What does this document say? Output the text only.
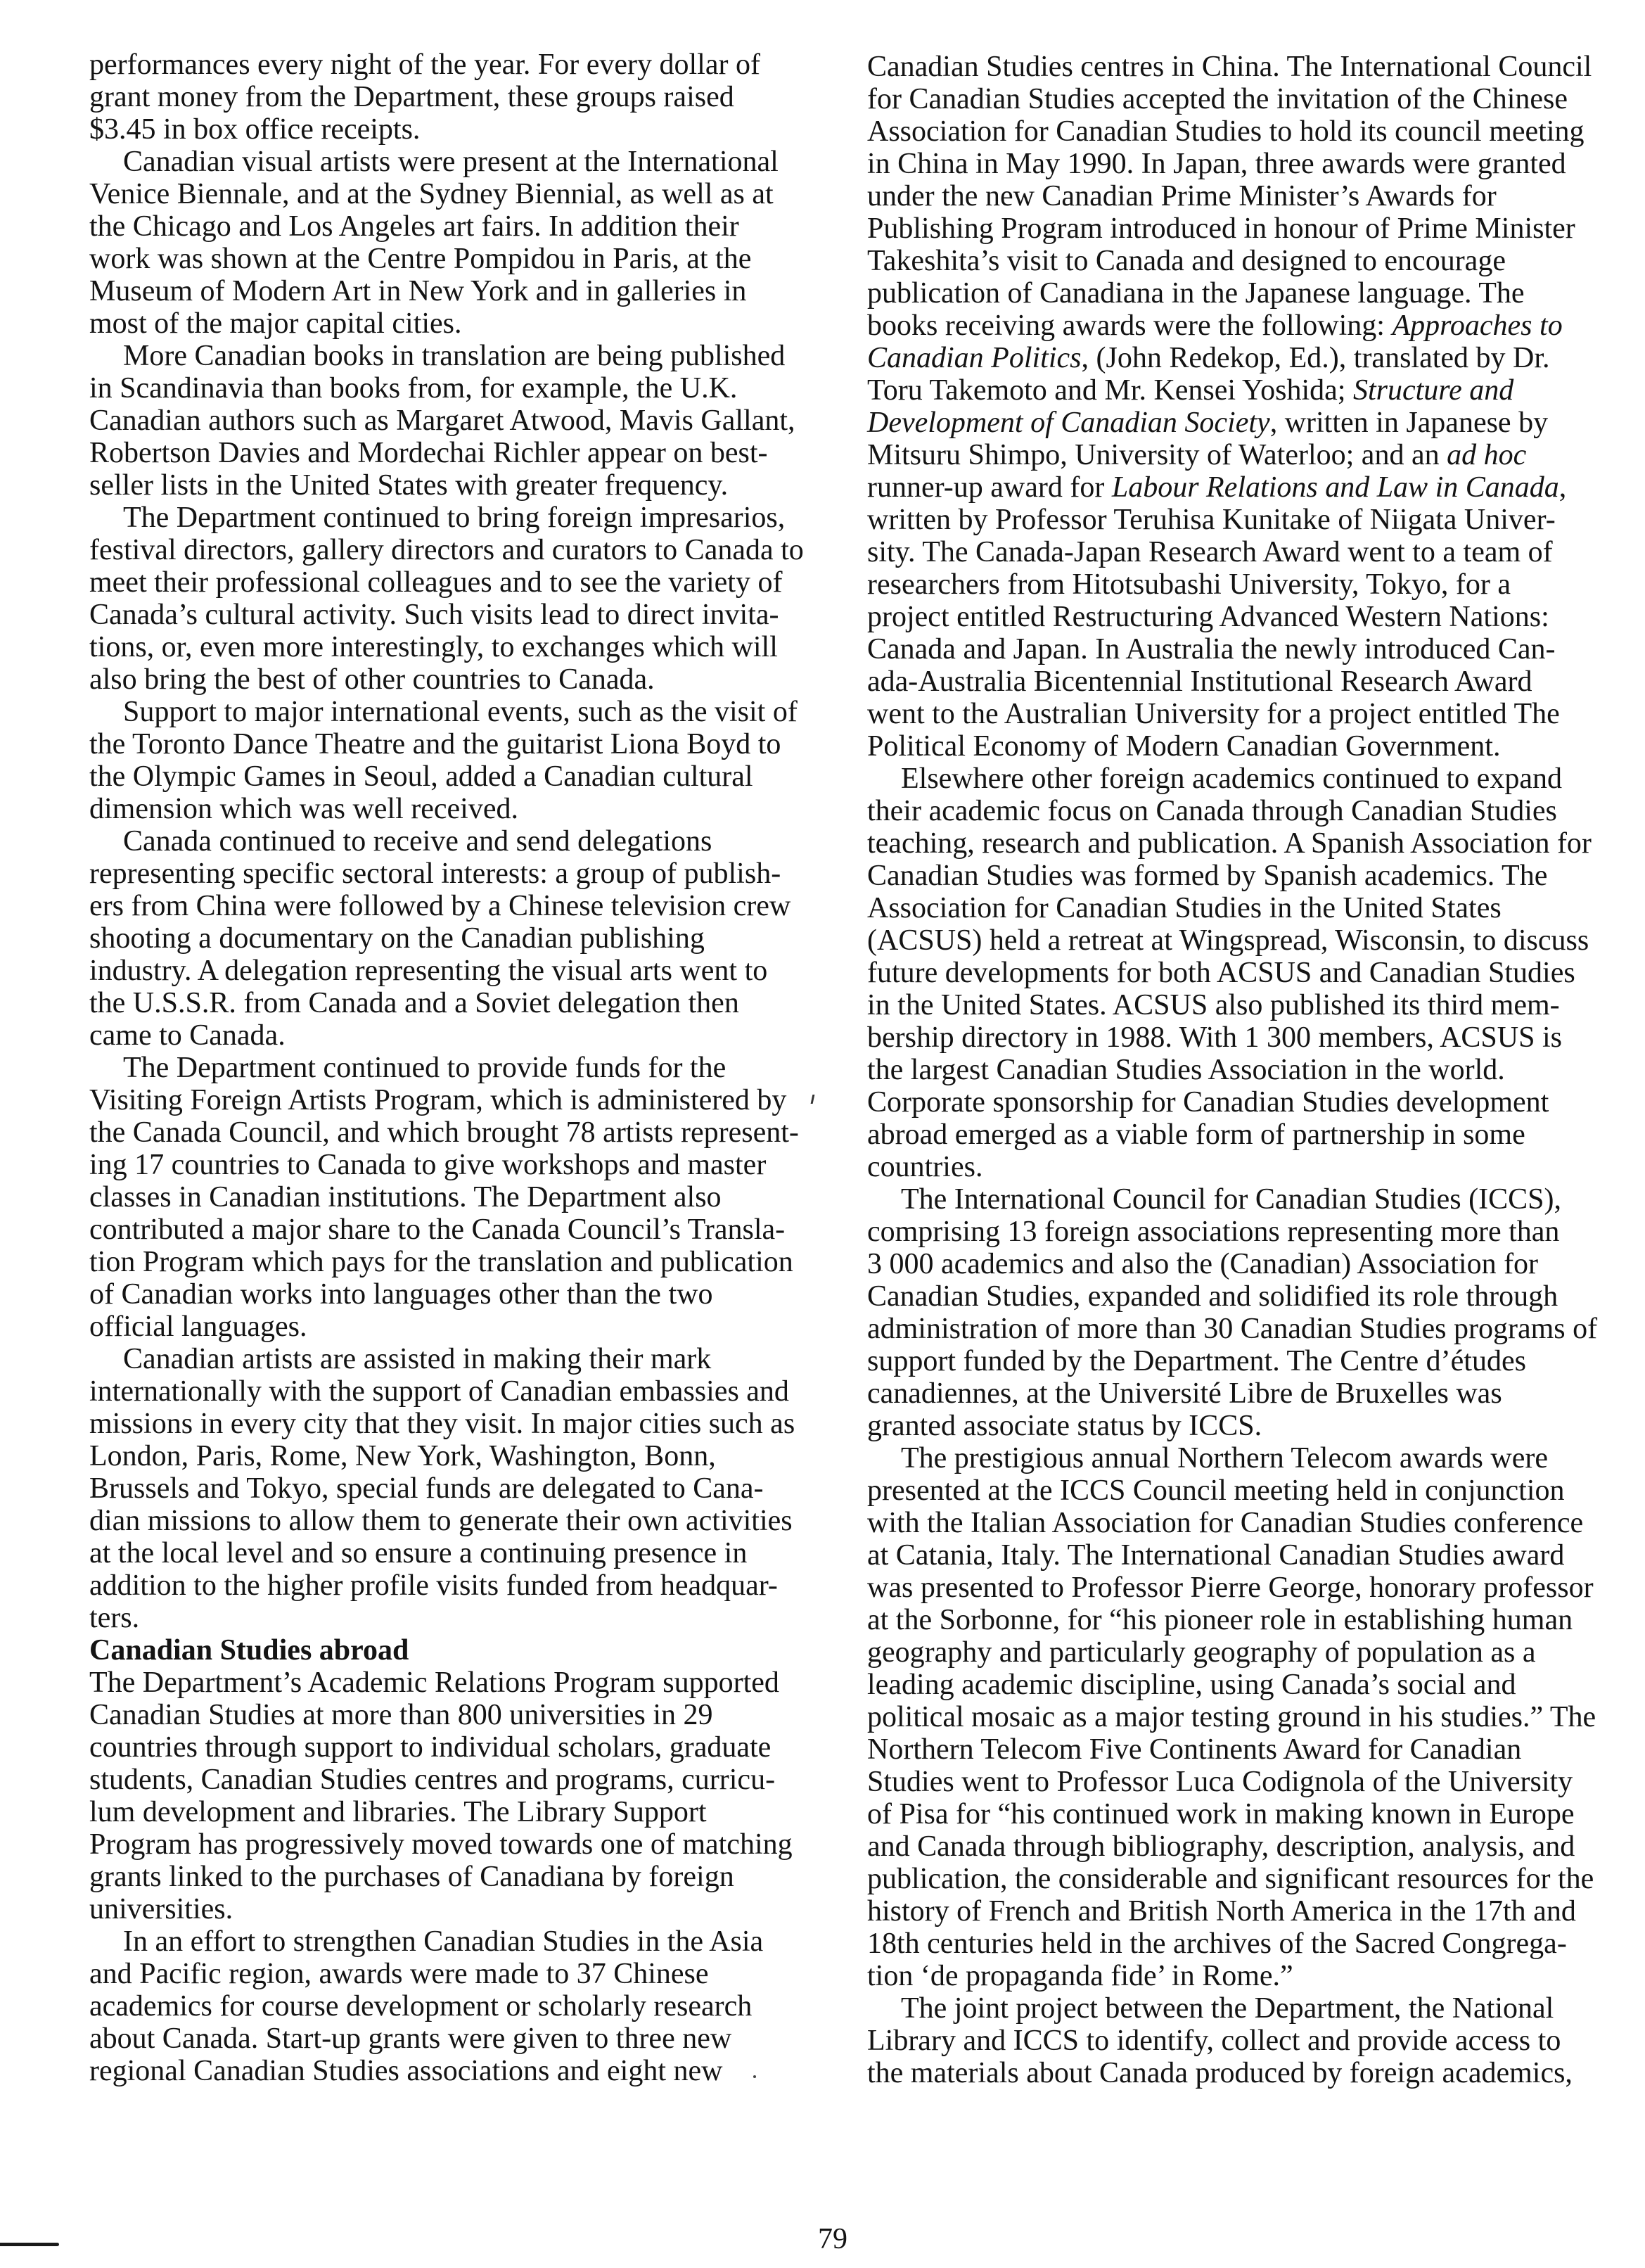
performances every night of the year. For every dollar of
grant money from the Department, these groups raised
$3.45 in box office receipts.
Canadian visual artists were present at the International
Venice Biennale, and at the Sydney Biennial, as well as at
the Chicago and Los Angeles art fairs. In addition their
work was shown at the Centre Pompidou in Paris, at the
Museum of Modern Art in New York and in galleries in
most of the major capital cities.
More Canadian books in translation are being published
in Scandinavia than books from, for example, the U.K.
Canadian authors such as Margaret Atwood, Mavis Gallant,
Robertson Davies and Mordechai Richler appear on best-
seller lists in the United States with greater frequency.
The Department continued to bring foreign impresarios,
festival directors, gallery directors and curators to Canada to
meet their professional colleagues and to see the variety of
Canada’s cultural activity. Such visits lead to direct invita-
tions, or, even more interestingly, to exchanges which will
also bring the best of other countries to Canada.
Support to major international events, such as the visit of
the Toronto Dance Theatre and the guitarist Liona Boyd to
the Olympic Games in Seoul, added a Canadian cultural
dimension which was well received.
Canada continued to receive and send delegations
representing specific sectoral interests: a group of publish-
ers from China were followed by a Chinese television crew
shooting a documentary on the Canadian publishing
industry. A delegation representing the visual arts went to
the U.S.S.R. from Canada and a Soviet delegation then
came to Canada.
The Department continued to provide funds for the
Visiting Foreign Artists Program, which is administered by
the Canada Council, and which brought 78 artists represent-
ing 17 countries to Canada to give workshops and master
classes in Canadian institutions. The Department also
contributed a major share to the Canada Council’s Transla-
tion Program which pays for the translation and publication
of Canadian works into languages other than the two
official languages.
Canadian artists are assisted in making their mark
internationally with the support of Canadian embassies and
missions in every city that they visit. In major cities such as
London, Paris, Rome, New York, Washington, Bonn,
Brussels and Tokyo, special funds are delegated to Cana-
dian missions to allow them to generate their own activities
at the local level and so ensure a continuing presence in
addition to the higher profile visits funded from headquar-
ters.
Canadian Studies abroad
The Department’s Academic Relations Program supported
Canadian Studies at more than 800 universities in 29
countries through support to individual scholars, graduate
students, Canadian Studies centres and programs, curricu-
lum development and libraries. The Library Support
Program has progressively moved towards one of matching
grants linked to the purchases of Canadiana by foreign
universities.
In an effort to strengthen Canadian Studies in the Asia
and Pacific region, awards were made to 37 Chinese
academics for course development or scholarly research
about Canada. Start-up grants were given to three new
regional Canadian Studies associations and eight new
Canadian Studies centres in China. The International Council
for Canadian Studies accepted the invitation of the Chinese
Association for Canadian Studies to hold its council meeting
in China in May 1990. In Japan, three awards were granted
under the new Canadian Prime Minister’s Awards for
Publishing Program introduced in honour of Prime Minister
Takeshita’s visit to Canada and designed to encourage
publication of Canadiana in the Japanese language. The
books receiving awards were the following: Approaches to
Canadian Politics, (John Redekop, Ed.), translated by Dr.
Toru Takemoto and Mr. Kensei Yoshida; Structure and
Development of Canadian Society, written in Japanese by
Mitsuru Shimpo, University of Waterloo; and an ad hoc
runner-up award for Labour Relations and Law in Canada,
written by Professor Teruhisa Kunitake of Niigata Univer-
sity. The Canada-Japan Research Award went to a team of
researchers from Hitotsubashi University, Tokyo, for a
project entitled Restructuring Advanced Western Nations:
Canada and Japan. In Australia the newly introduced Can-
ada-Australia Bicentennial Institutional Research Award
went to the Australian University for a project entitled The
Political Economy of Modern Canadian Government.
Elsewhere other foreign academics continued to expand
their academic focus on Canada through Canadian Studies
teaching, research and publication. A Spanish Association for
Canadian Studies was formed by Spanish academics. The
Association for Canadian Studies in the United States
(ACSUS) held a retreat at Wingspread, Wisconsin, to discuss
future developments for both ACSUS and Canadian Studies
in the United States. ACSUS also published its third mem-
bership directory in 1988. With 1 300 members, ACSUS is
the largest Canadian Studies Association in the world.
Corporate sponsorship for Canadian Studies development
abroad emerged as a viable form of partnership in some
countries.
The International Council for Canadian Studies (ICCS),
comprising 13 foreign associations representing more than
3 000 academics and also the (Canadian) Association for
Canadian Studies, expanded and solidified its role through
administration of more than 30 Canadian Studies programs of
support funded by the Department. The Centre d’études
canadiennes, at the Université Libre de Bruxelles was
granted associate status by ICCS.
The prestigious annual Northern Telecom awards were
presented at the ICCS Council meeting held in conjunction
with the Italian Association for Canadian Studies conference
at Catania, Italy. The International Canadian Studies award
was presented to Professor Pierre George, honorary professor
at the Sorbonne, for “his pioneer role in establishing human
geography and particularly geography of population as a
leading academic discipline, using Canada’s social and
political mosaic as a major testing ground in his studies.” The
Northern Telecom Five Continents Award for Canadian
Studies went to Professor Luca Codignola of the University
of Pisa for “his continued work in making known in Europe
and Canada through bibliography, description, analysis, and
publication, the considerable and significant resources for the
history of French and British North America in the 17th and
18th centuries held in the archives of the Sacred Congrega-
tion ‘de propaganda fide’ in Rome.”
The joint project between the Department, the National
Library and ICCS to identify, collect and provide access to
the materials about Canada produced by foreign academics,
79
